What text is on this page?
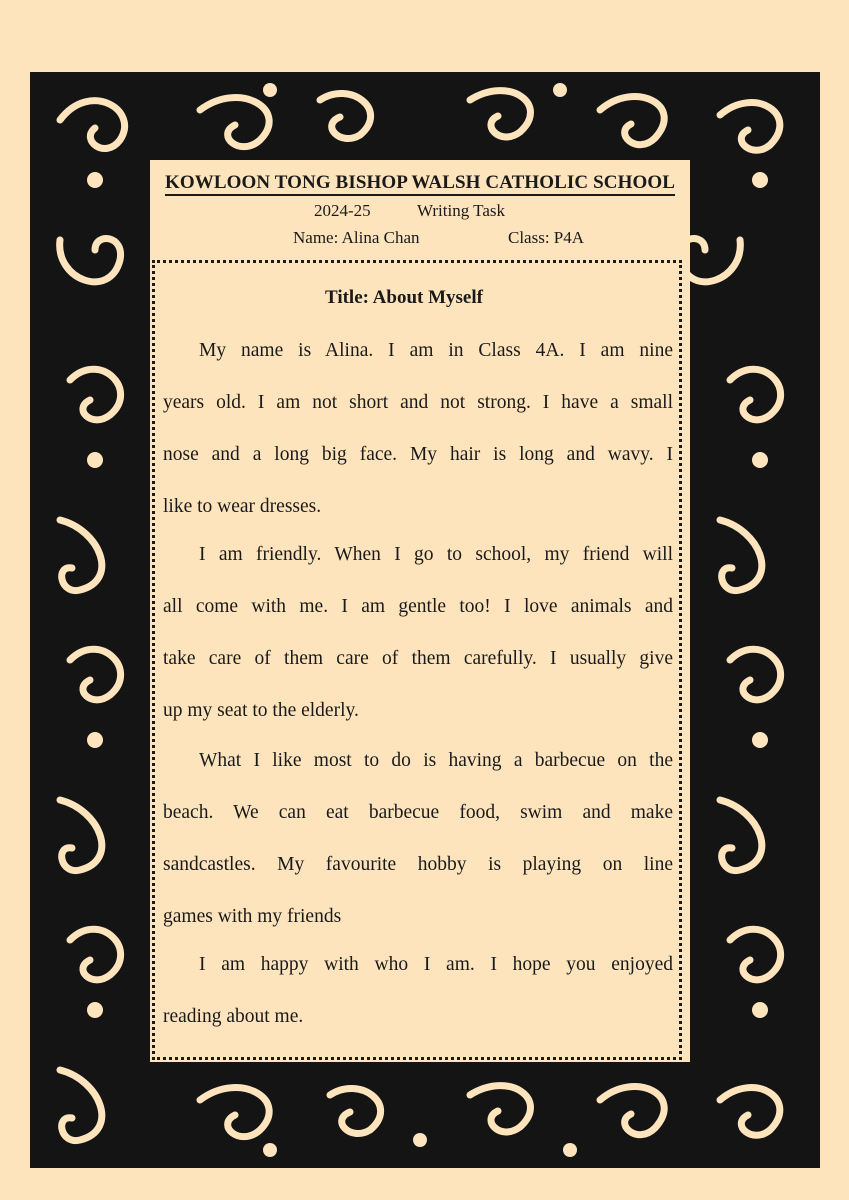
KOWLOON TONG BISHOP WALSH CATHOLIC SCHOOL
2024-25	Writing Task
Name: Alina Chan	Class: P4A
Title: About Myself
My name is Alina. I am in Class 4A. I am nine
years old. I am not short and not strong. I have a small
nose and a long big face. My hair is long and wavy. I
like to wear dresses.
I am friendly. When I go to school, my friend will
all come with me. I am gentle too! I love animals and
take care of them care of them carefully. I usually give
up my seat to the elderly.
What I like most to do is having a barbecue on the
beach. We can eat barbecue food, swim and make
sandcastles. My favourite hobby is playing on line
games with my friends
I am happy with who I am. I hope you enjoyed
reading about me.
